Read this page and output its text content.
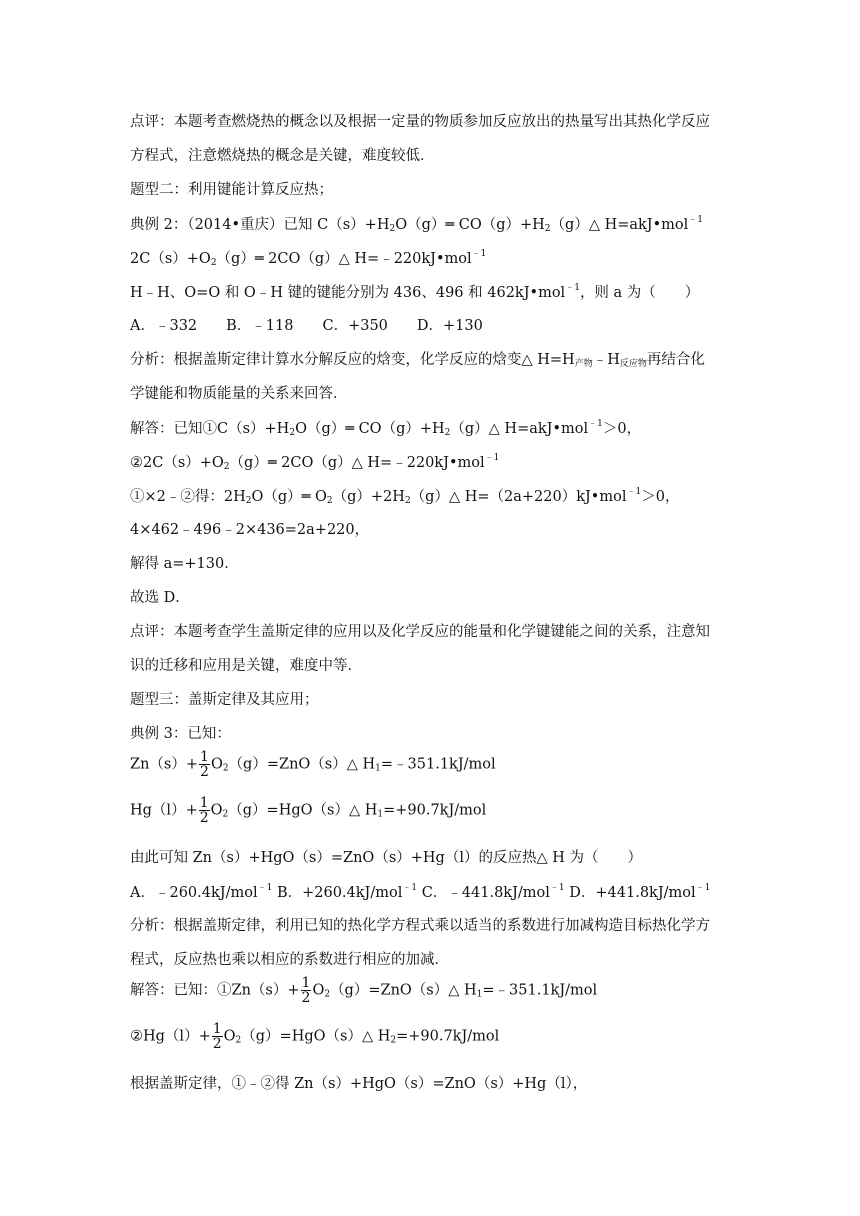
点评：本题考查燃烧热的概念以及根据一定量的物质参加反应放出的热量写出其热化学反应
方程式，注意燃烧热的概念是关键，难度较低．
题型二：利用键能计算反应热；
典例 2：（2014•重庆）已知 $C(s)+H_2O(g)═$ $CO(g)+H_2(g)\triangle$ H=akJ•mol$^{﹣1}$
$2C(s)+O_2(g)═$ 2CO（g）△ H=﹣220kJ•mol$^{﹣1}$
H﹣H、O=O 和 O﹣H 键的键能分别为 436、496 和 462kJ•mol$^{﹣1}$，则 a 为（　　）
A．﹣332　　B．﹣118　　C．+350　　D．+130
分析：根据盖斯定律计算水分解反应的焓变，化学反应的焓变△ $H=H_{产物}﹣H_{反应物}$再结合化
学键能和物质能量的关系来回答．
解答：已知$①C(s)+H_2O(g)═$ $CO(g)+H_2(g)\triangle$ H=akJ•mol$^{﹣1}$＞0，
$②2C(s)+O_2(g)═$ 2CO（g）△ H=﹣220kJ•mol$^{﹣1}$
①×2﹣②得：$2H_2O(g)═$ $O_2(g)+2H_2(g)\triangle$ H=（2a+220）kJ•mol$^{﹣1}$＞0，
4×462﹣496﹣2×436=2a+220，
解得 a=+130．
故选 D．
点评：本题考查学生盖斯定律的应用以及化学反应的能量和化学键键能之间的关系，注意知
识的迁移和应用是关键，难度中等．
题型三：盖斯定律及其应用；
典例 3：已知：
$Zn(s)+ \frac{1}{2}$ $O_2(g)=ZnO(s)\triangle$ $H_1=﹣351.1kJ$/mol
$Hg(l)+ \frac{1}{2}$ $O_2(g)=HgO(s)\triangle$ $H_1=+90.7kJ$/mol
由此可知 Zn（s）+HgO（s）=ZnO（s）+Hg（l）的反应热△ H 为（　　）
A．﹣260.4kJ/mol$^{﹣1}$ B．+260.4kJ/mol$^{﹣1}$ C．﹣441.8kJ/mol$^{﹣1}$ D．+441.8kJ/mol$^{﹣1}$
分析：根据盖斯定律，利用已知的热化学方程式乘以适当的系数进行加减构造目标热化学方
程式，反应热也乘以相应的系数进行相应的加减．
解答：已知：①Zn（s）+ $\frac{1}{2}$ $O_2(g)=ZnO(s)\triangle$ $H_1=﹣351.1kJ$/mol
②Hg（l）+ $\frac{1}{2}$ $O_2(g)=HgO(s)\triangle$ $H_2=+90.7kJ$/mol
根据盖斯定律，①﹣②得 Zn（s）+HgO（s）=ZnO（s）+Hg（l），
